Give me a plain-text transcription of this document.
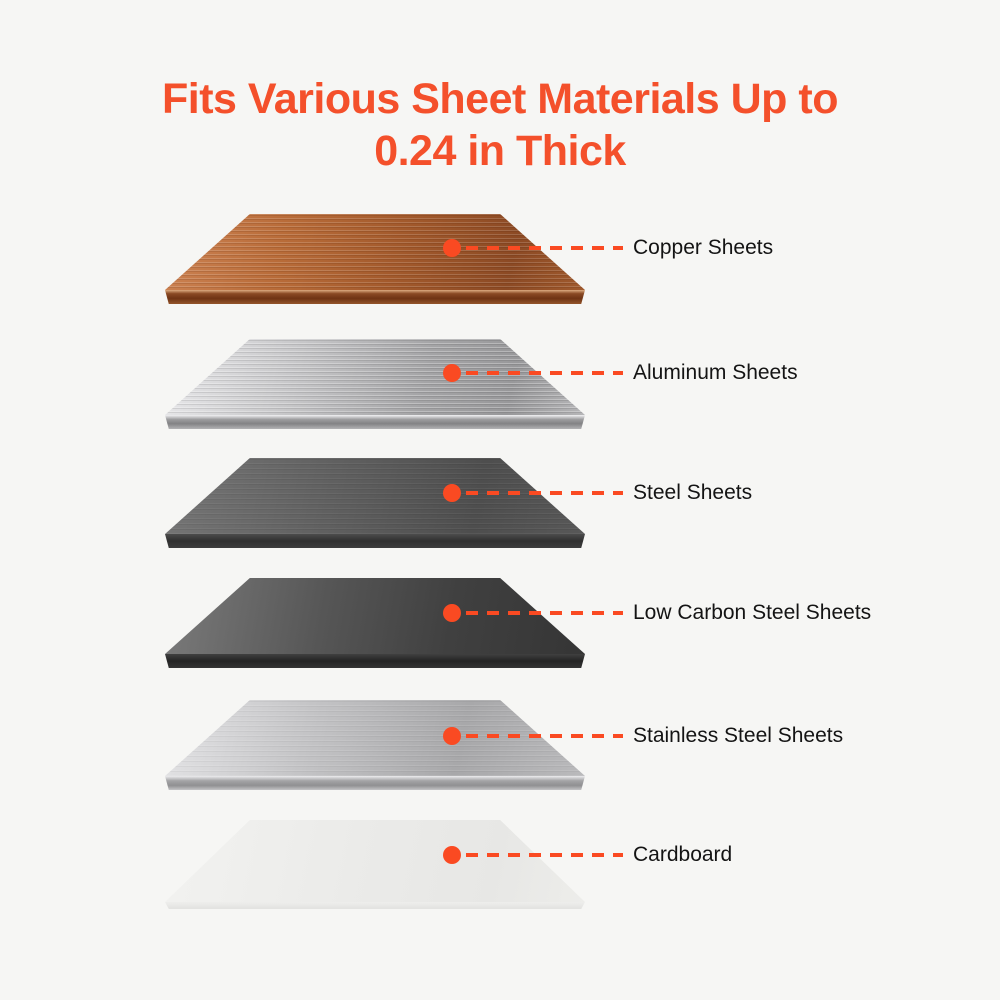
Fits Various Sheet Materials Up to 0.24 in Thick
Copper Sheets
Aluminum Sheets
Steel Sheets
Low Carbon Steel Sheets
Stainless Steel Sheets
Cardboard
